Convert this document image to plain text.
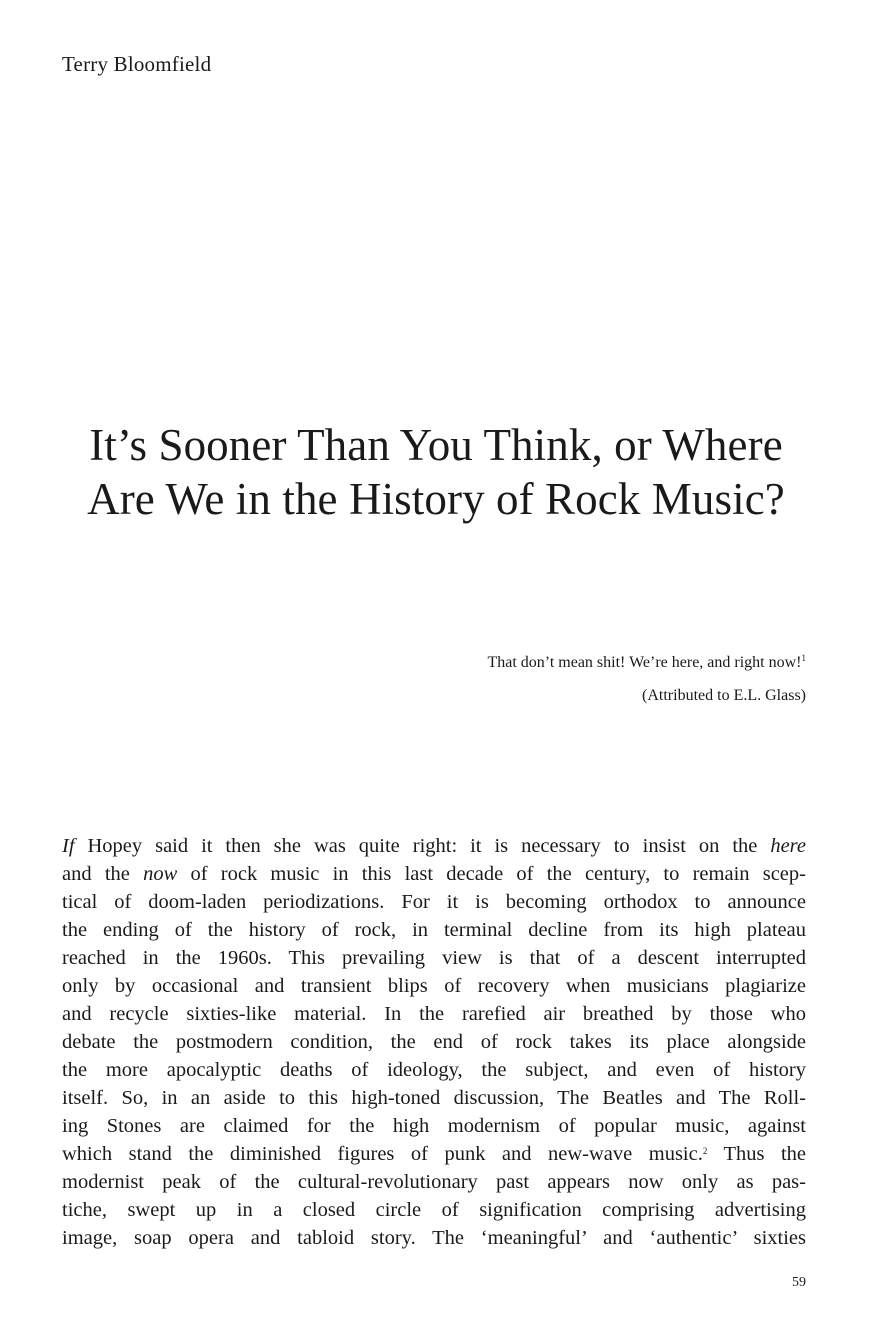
Terry Bloomfield
It’s Sooner Than You Think, or Where
Are We in the History of Rock Music?
That don’t mean shit! We’re here, and right now!$^1$
(Attributed to E.L. Glass)
If Hopey said it then she was quite right: it is necessary to insist on the here
and the now of rock music in this last decade of the century, to remain scep-
tical of doom-laden periodizations. For it is becoming orthodox to announce
the ending of the history of rock, in terminal decline from its high plateau
reached in the 1960s. This prevailing view is that of a descent interrupted
only by occasional and transient blips of recovery when musicians plagiarize
and recycle sixties-like material. In the rarefied air breathed by those who
debate the postmodern condition, the end of rock takes its place alongside
the more apocalyptic deaths of ideology, the subject, and even of history
itself. So, in an aside to this high-toned discussion, The Beatles and The Roll-
ing Stones are claimed for the high modernism of popular music, against
which stand the diminished figures of punk and new-wave music.$^2$ Thus the
modernist peak of the cultural-revolutionary past appears now only as pas-
tiche, swept up in a closed circle of signification comprising advertising
image, soap opera and tabloid story. The ‘meaningful’ and ‘authentic’ sixties
59
